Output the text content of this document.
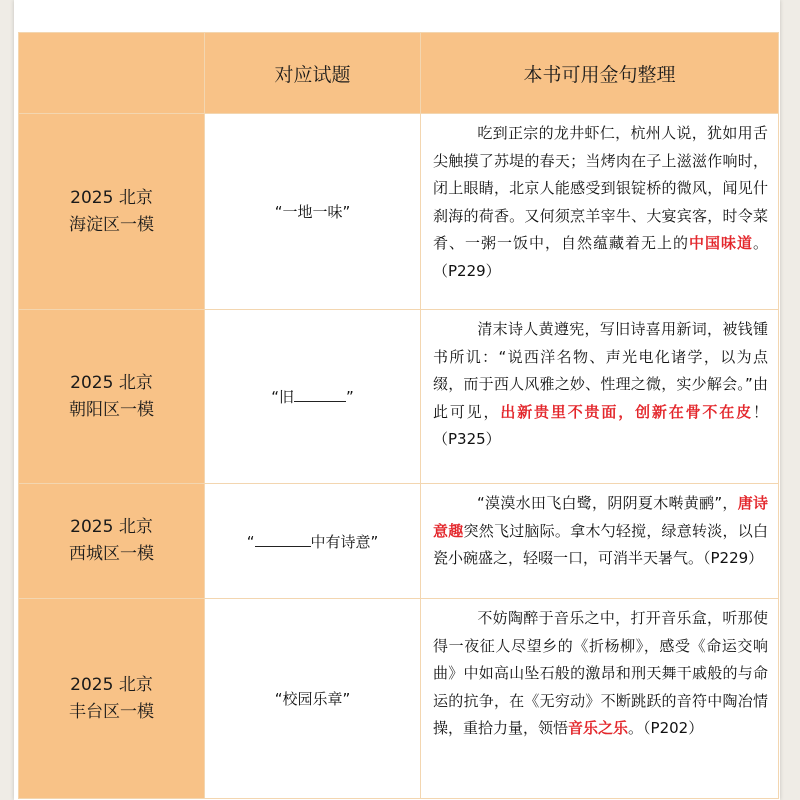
	对应试题	本书可用金句整理

2025 北京
海淀区一模	“一地一味”	吃到正宗的龙井虾仁，杭州人说，犹如用舌尖触摸了苏堤的春天；当烤肉在子上滋滋作响时，闭上眼睛，北京人能感受到银锭桥的微风，闻见什刹海的荷香。又何须烹羊宰牛、大宴宾客，时令菜肴、一粥一饭中，自然蕴藏着无上的中国味道。（P229）

2025 北京
朝阳区一模	“旧 ”	清末诗人黄遵宪，写旧诗喜用新词，被钱锺书所讥：“说西洋名物、声光电化诸学，以为点缀，而于西人风雅之妙、性理之微，实少解会。”由此可见，出新贵里不贵面，创新在骨不在皮！（P325）

2025 北京
西城区一模	“ 中有诗意”	“漠漠水田飞白鹭，阴阴夏木啭黄鹂”，唐诗意趣突然飞过脑际。拿木勺轻搅，绿意转淡，以白瓷小碗盛之，轻啜一口，可消半天暑气。（P229）

2025 北京
丰台区一模	“校园乐章”	不妨陶醉于音乐之中，打开音乐盒，听那使得一夜征人尽望乡的《折杨柳》，感受《命运交响曲》中如高山坠石般的激昂和刑天舞干戚般的与命运的抗争，在《无穷动》不断跳跃的音符中陶冶情操，重拾力量，领悟音乐之乐。（P202）
